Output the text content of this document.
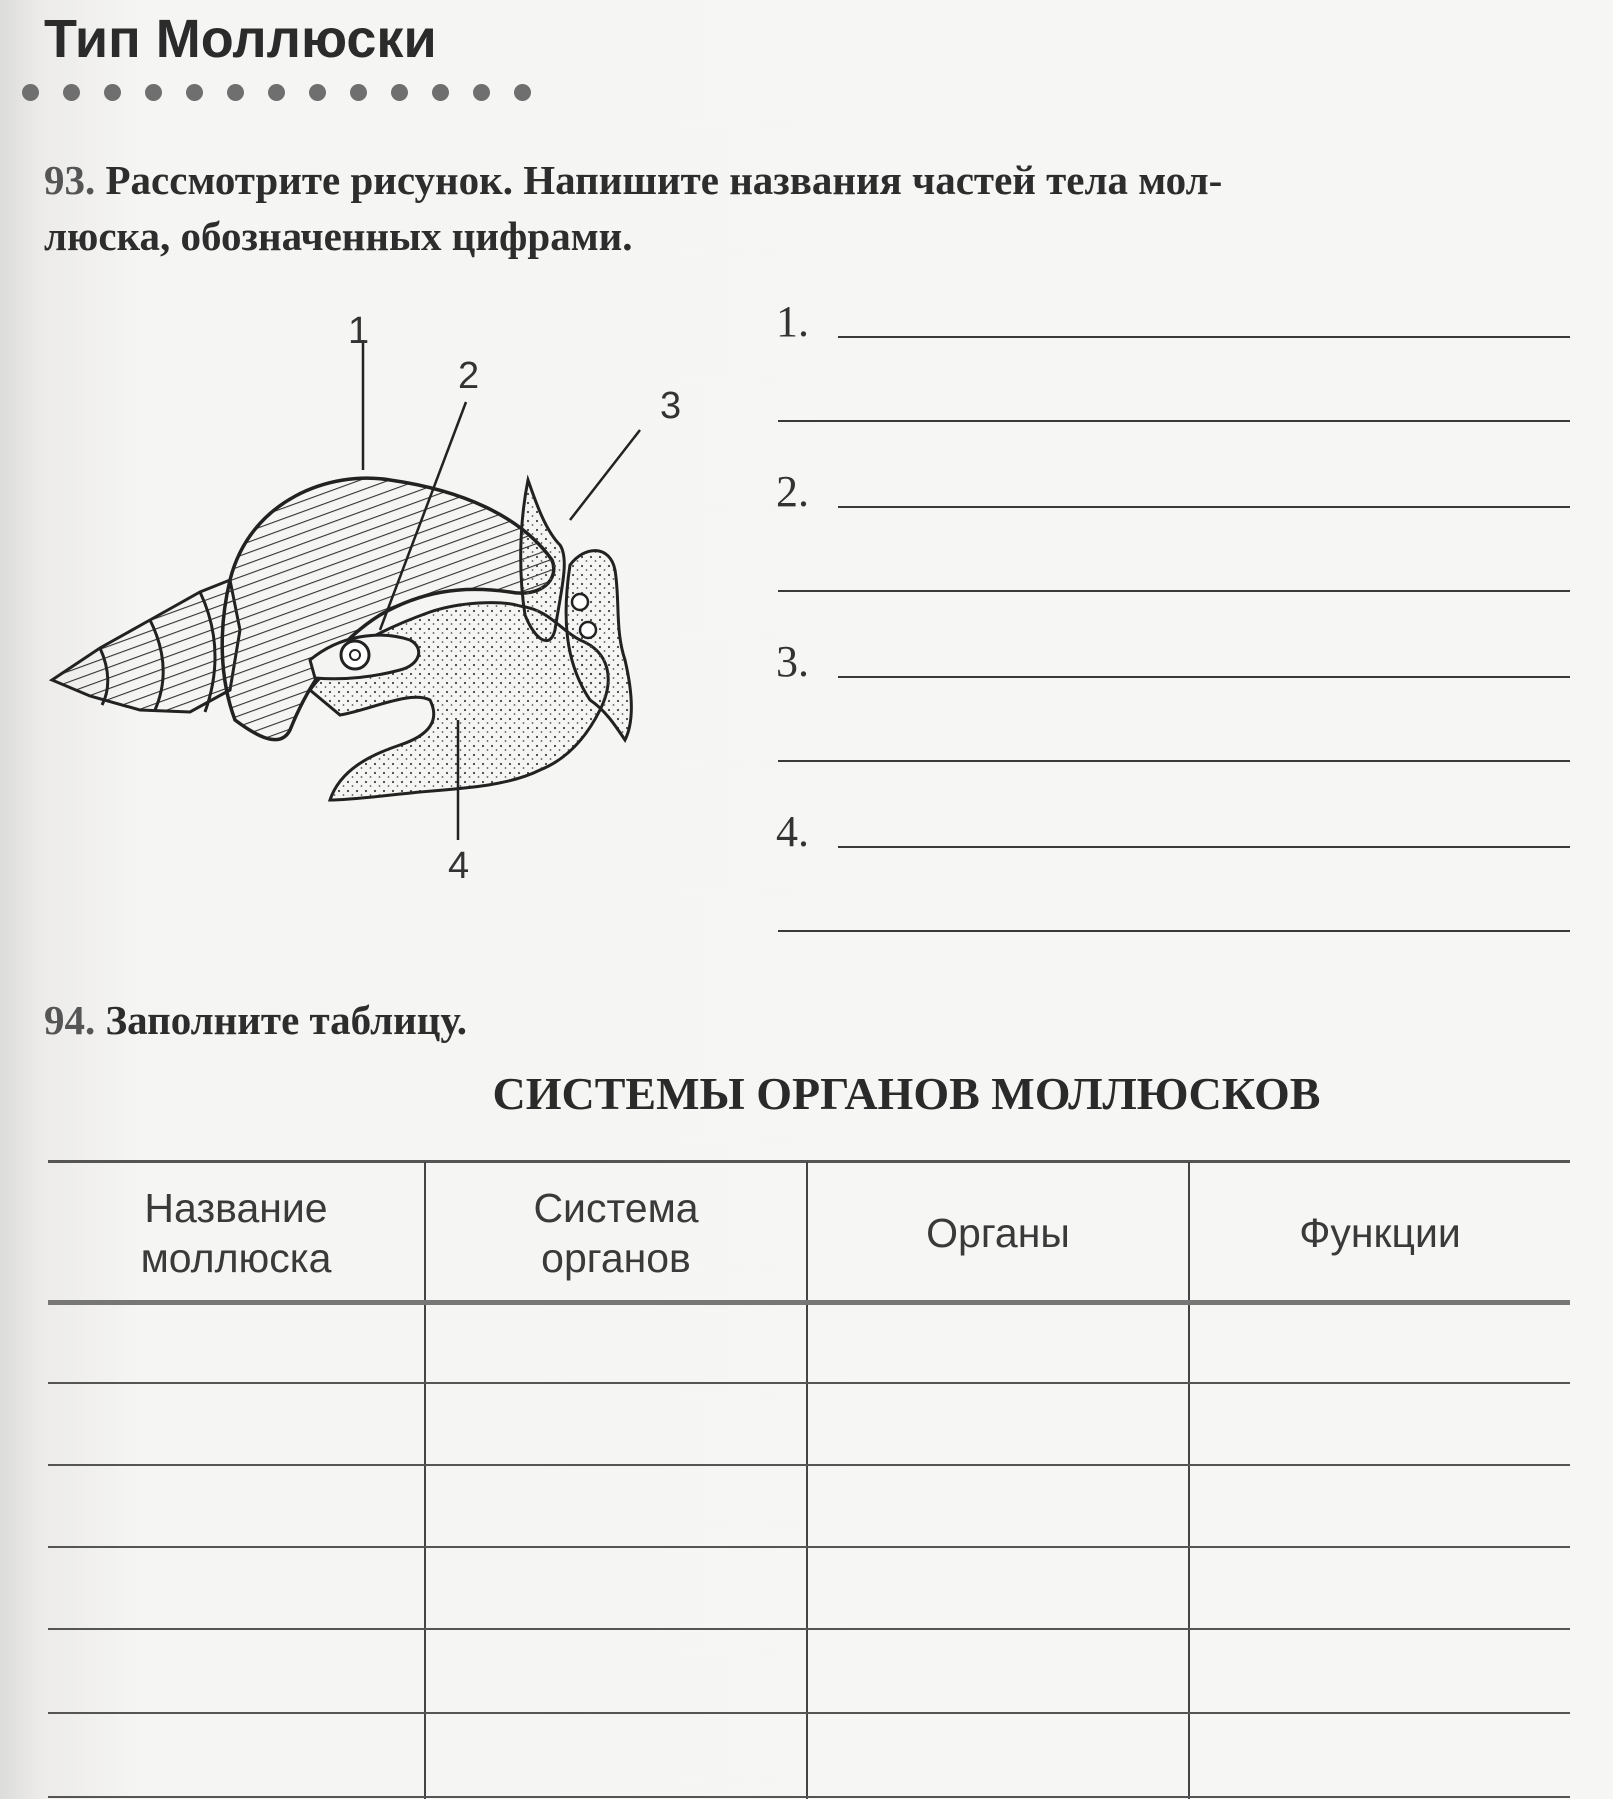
Тип Моллюски
93. Рассмотрите рисунок. Напишите названия частей тела мол-
люска, обозначенных цифрами.
1
2
3
4
1.
2.
3.
4.
94. Заполните таблицу.
СИСТЕМЫ ОРГАНОВ МОЛЛЮСКОВ
Название
моллюска
Система
органов
Органы	Функции
